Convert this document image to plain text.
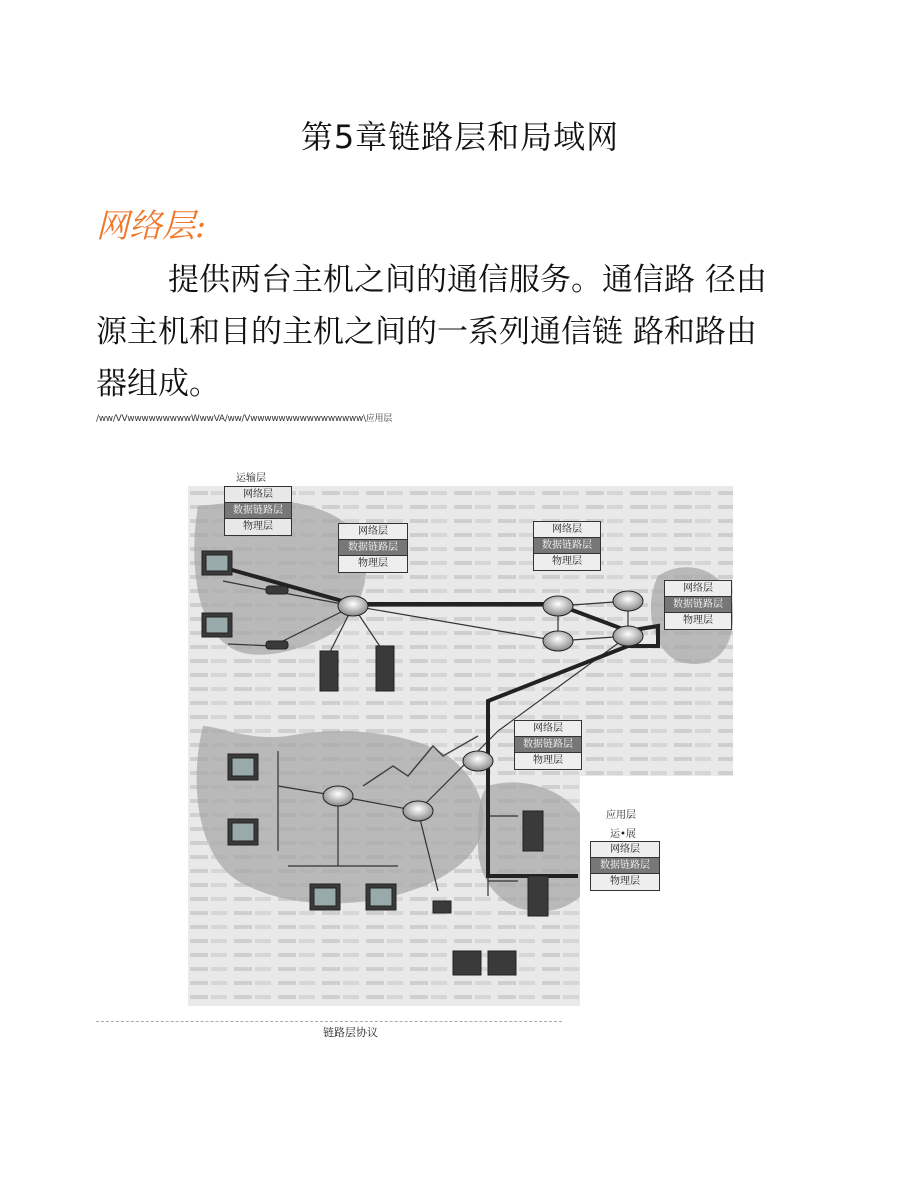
第5章链路层和局域网
网络层:
提供两台主机之间的通信服务。通信路 径由
源主机和目的主机之间的一系列通信链 路和路由
器组成。
/ww/VVwwwwwwwwwWwwVA/ww/Vwwwwwwwwwwwwwwww\应用层
运输层
网络层
数据链路层
物理层	网络层
数据链路层
物理层
网络层
数据链路层
物理层
网络层
数据链路层
物理层
网络层
数据链路层
物理层
应用层
运•展
网络层
数据链路层
物理层
链路层协议
